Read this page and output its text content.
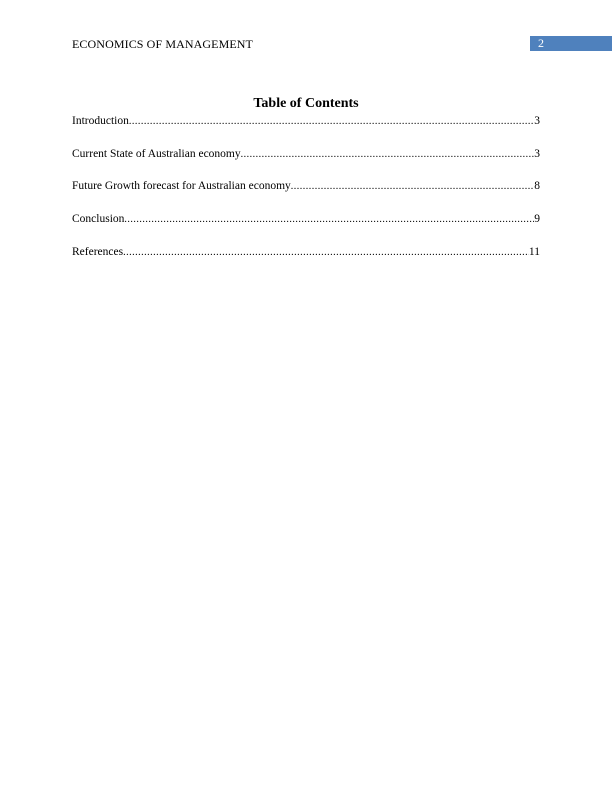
ECONOMICS OF MANAGEMENT	2
Table of Contents
Introduction .....	3
Current State of Australian economy .....	3
Future Growth forecast for Australian economy .....	8
Conclusion .....	9
References .....	11
